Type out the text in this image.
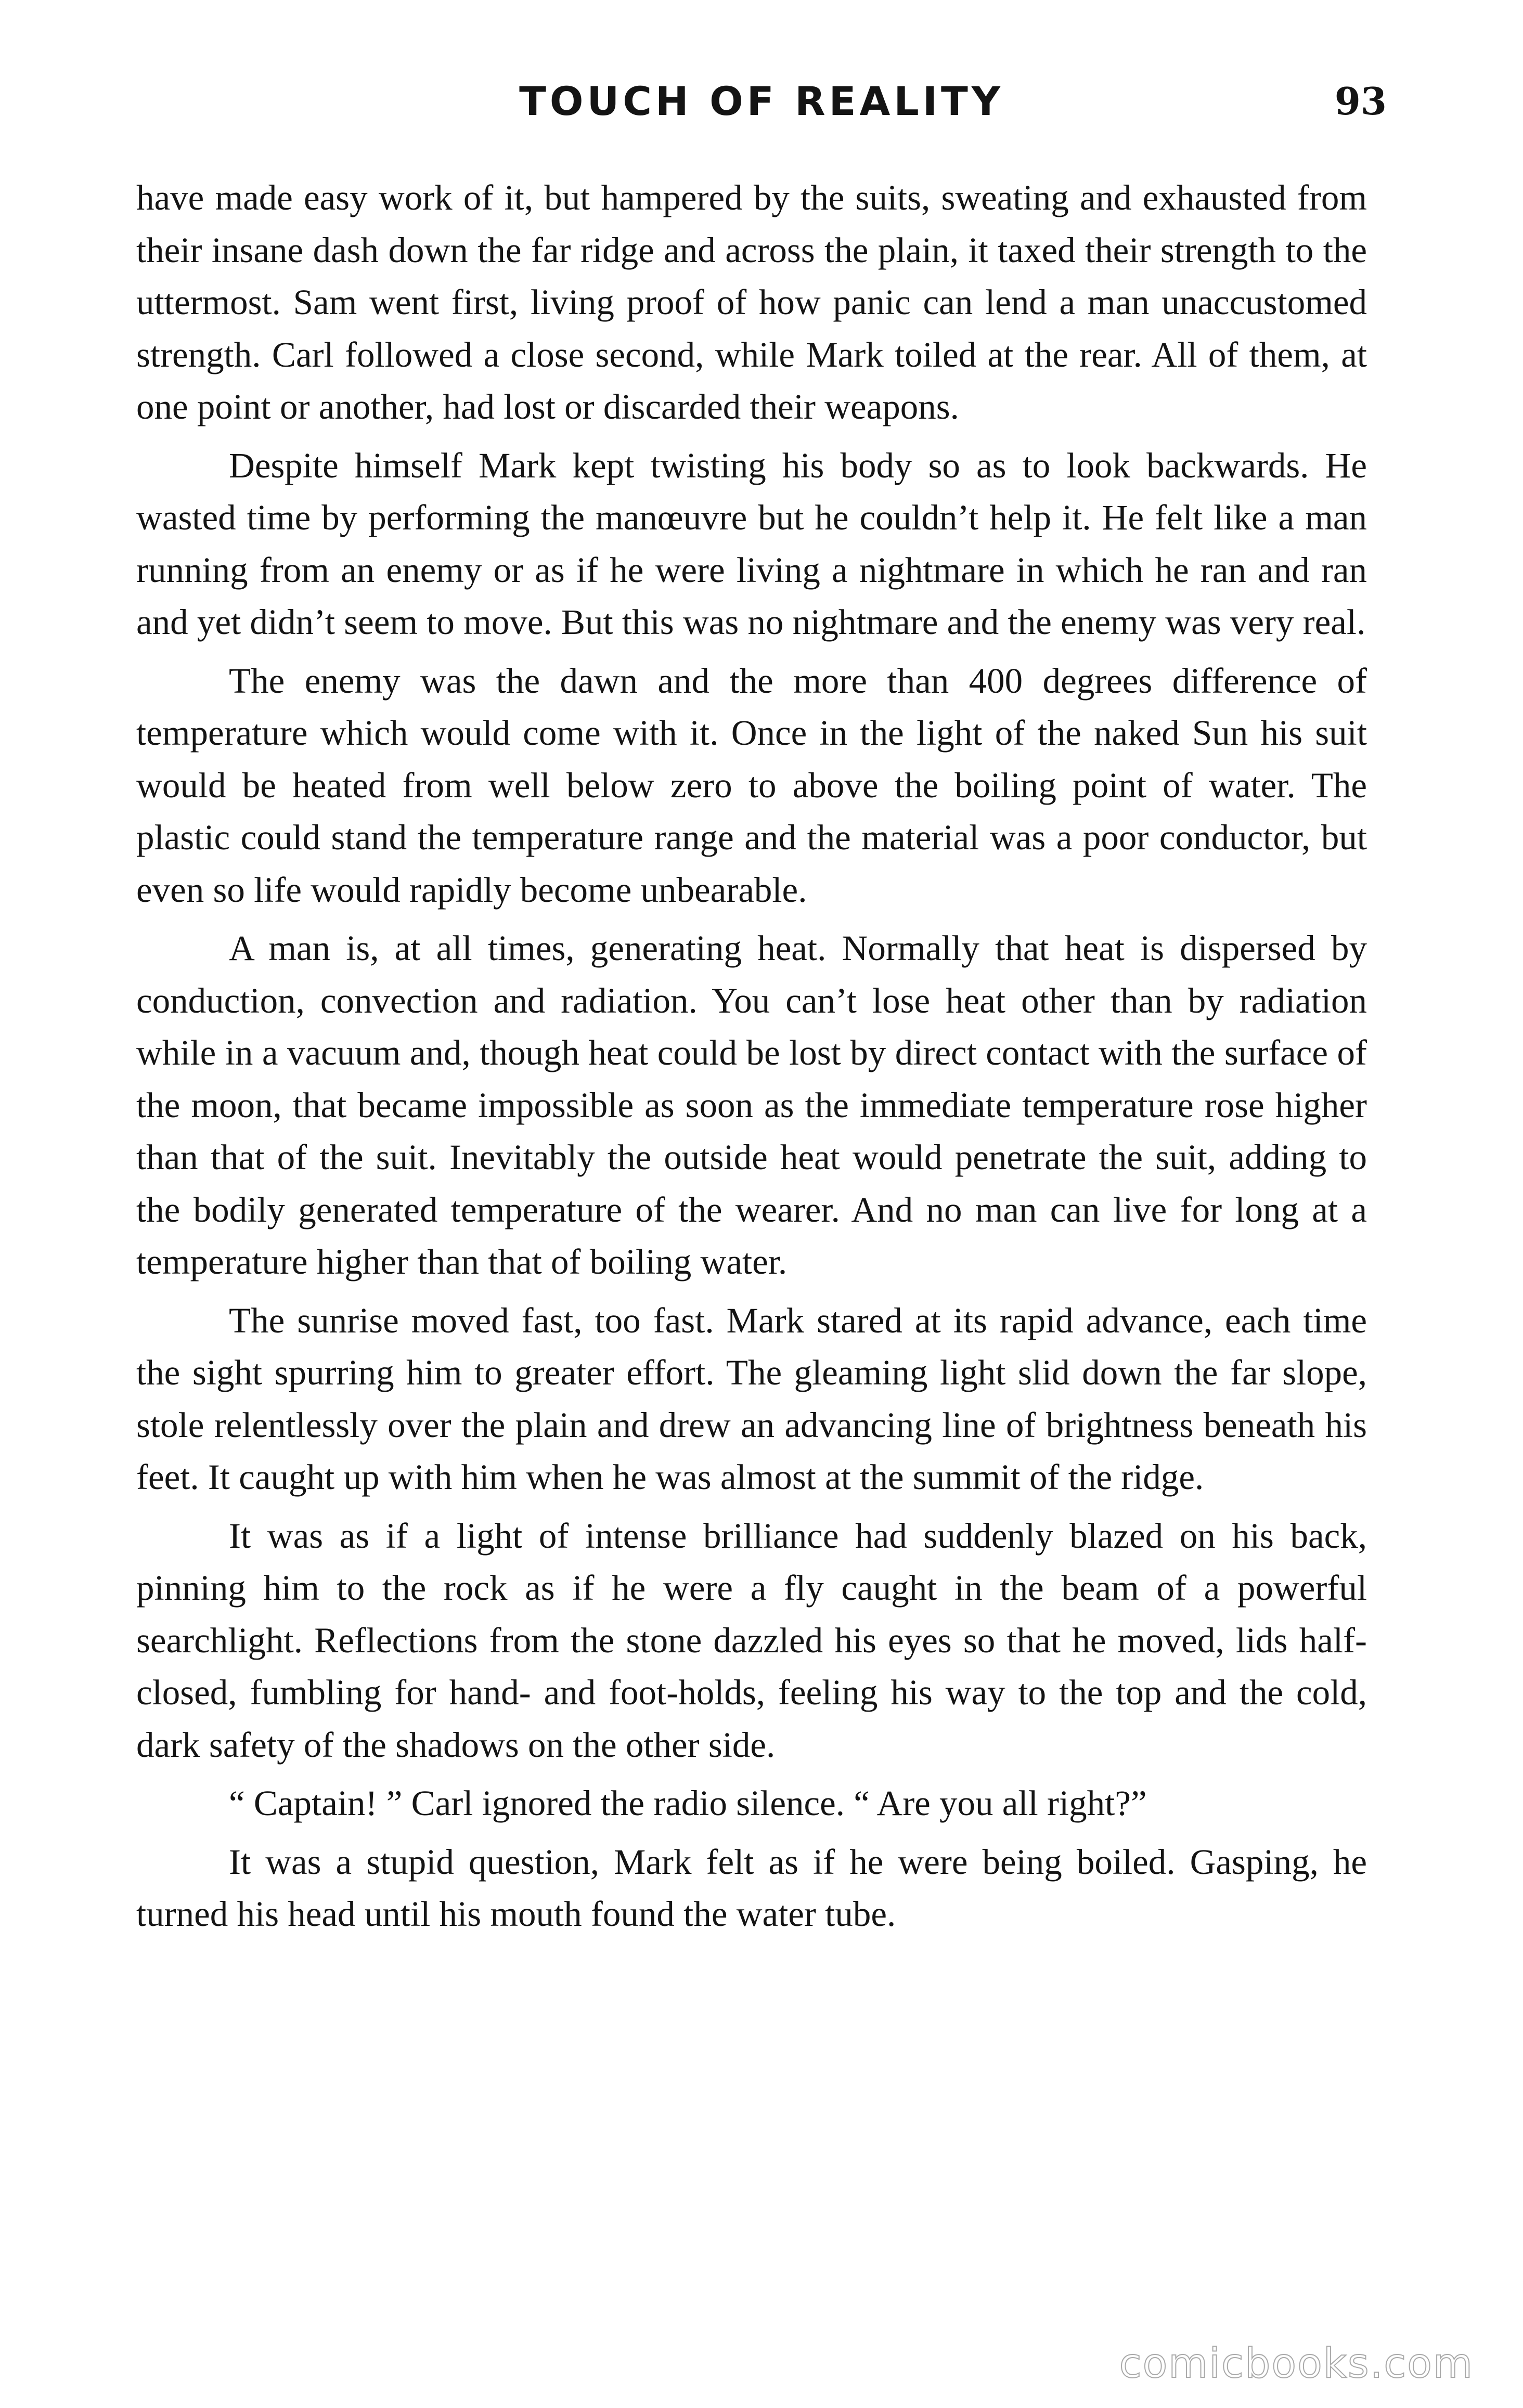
TOUCH OF REALITY	93

have made easy work of it, but hampered by the suits, sweating and exhausted from their insane dash down the far ridge and across the plain, it taxed their strength to the uttermost. Sam went first, living proof of how panic can lend a man unaccustomed strength. Carl followed a close second, while Mark toiled at the rear. All of them, at one point or another, had lost or discarded their weapons.

Despite himself Mark kept twisting his body so as to look backwards. He wasted time by performing the manœuvre but he couldn’t help it. He felt like a man running from an enemy or as if he were living a nightmare in which he ran and ran and yet didn’t seem to move. But this was no nightmare and the enemy was very real.

The enemy was the dawn and the more than 400 degrees difference of temperature which would come with it. Once in the light of the naked Sun his suit would be heated from well below zero to above the boiling point of water. The plastic could stand the temperature range and the material was a poor conductor, but even so life would rapidly become unbearable.

A man is, at all times, generating heat. Normally that heat is dispersed by conduction, convection and radiation. You can’t lose heat other than by radiation while in a vacuum and, though heat could be lost by direct contact with the surface of the moon, that became impossible as soon as the immediate temperature rose higher than that of the suit. Inevitably the outside heat would penetrate the suit, adding to the bodily generated temperature of the wearer. And no man can live for long at a temperature higher than that of boiling water.

The sunrise moved fast, too fast. Mark stared at its rapid advance, each time the sight spurring him to greater effort. The gleaming light slid down the far slope, stole relentlessly over the plain and drew an advancing line of brightness beneath his feet. It caught up with him when he was almost at the summit of the ridge.

It was as if a light of intense brilliance had suddenly blazed on his back, pinning him to the rock as if he were a fly caught in the beam of a powerful searchlight. Reflections from the stone dazzled his eyes so that he moved, lids half-closed, fumbling for hand- and foot-holds, feeling his way to the top and the cold, dark safety of the shadows on the other side.

“ Captain! ” Carl ignored the radio silence. “ Are you all right?”

It was a stupid question, Mark felt as if he were being boiled. Gasping, he turned his head until his mouth found the water tube.

comicbooks.com
